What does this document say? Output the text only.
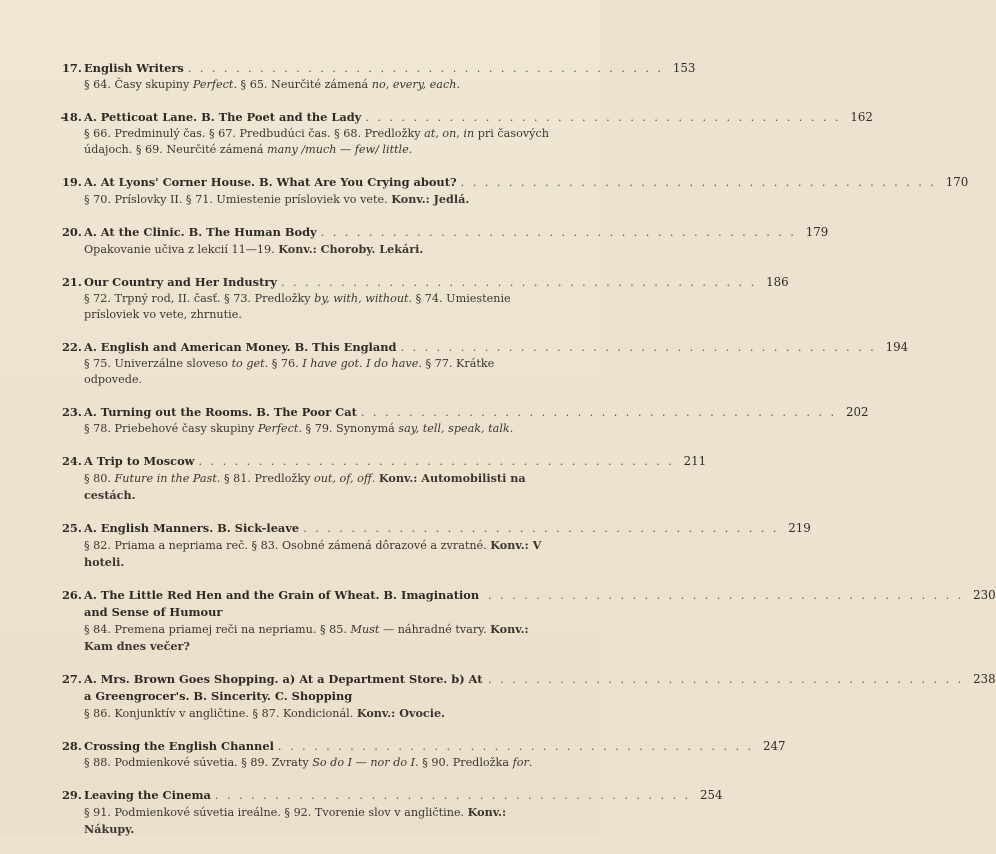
17. English Writers . . . . . . . . . . . . . . . . . . . . . . . . . . . . . . . . . . . . . . . . 153
§ 64. Časy skupiny Perfect. § 65. Neurčité zámená no, every, each.
18. A. Petticoat Lane. B. The Poet and the Lady . . . . . . . . . . . . . . . . . . . . . . . . . . . . . . . . . . . . . . . . 162
§ 66. Predminulý čas. § 67. Predbudúci čas. § 68. Predložky at, on, in pri časových údajoch. § 69. Neurčité zámená many /much — few/ little.
19. A. At Lyons' Corner House. B. What Are You Crying about? . . . . . . . . . . . . . . . . . . . . . . . . . . . . . . . . . . . . . . . . 170
§ 70. Príslovky II. § 71. Umiestenie prísloviek vo vete. Konv.: Jedlá.
20. A. At the Clinic. B. The Human Body . . . . . . . . . . . . . . . . . . . . . . . . . . . . . . . . . . . . . . . . 179
Opakovanie učiva z lekcií 11—19. Konv.: Choroby. Lekári.
21. Our Country and Her Industry . . . . . . . . . . . . . . . . . . . . . . . . . . . . . . . . . . . . . . . . 186
§ 72. Trpný rod, II. časť. § 73. Predložky by, with, without. § 74. Umiestenie prísloviek vo vete, zhrnutie.
22. A. English and American Money. B. This England . . . . . . . . . . . . . . . . . . . . . . . . . . . . . . . . . . . . . . . . 194
§ 75. Univerzálne sloveso to get. § 76. I have got. I do have. § 77. Krátke odpovede.
23. A. Turning out the Rooms. B. The Poor Cat . . . . . . . . . . . . . . . . . . . . . . . . . . . . . . . . . . . . . . . . 202
§ 78. Priebehové časy skupiny Perfect. § 79. Synonymá say, tell, speak, talk.
24. A Trip to Moscow . . . . . . . . . . . . . . . . . . . . . . . . . . . . . . . . . . . . . . . . 211
§ 80. Future in the Past. § 81. Predložky out, of, off. Konv.: Automobilisti na cestách.
25. A. English Manners. B. Sick-leave . . . . . . . . . . . . . . . . . . . . . . . . . . . . . . . . . . . . . . . . 219
§ 82. Priama a nepriama reč. § 83. Osobné zámená dôrazové a zvratné. Konv.: V hoteli.
26. A. The Little Red Hen and the Grain of Wheat. B. Imagination and Sense of Humour
. . . . . . . . . . . . . . . . . . . . . . . . . . . . . . . . . . . . . . . . 230
§ 84. Premena priamej reči na nepriamu. § 85. Must — náhradné tvary. Konv.: Kam dnes večer?
27. A. Mrs. Brown Goes Shopping. a) At a Department Store. b) At a Greengrocer's. B. Sincerity. C. Shopping
. . . . . . . . . . . . . . . . . . . . . . . . . . . . . . . . . . . . . . . . 238
§ 86. Konjunktív v angličtine. § 87. Kondicionál. Konv.: Ovocie.
28. Crossing the English Channel . . . . . . . . . . . . . . . . . . . . . . . . . . . . . . . . . . . . . . . . 247
§ 88. Podmienkové súvetia. § 89. Zvraty So do I — nor do I. § 90. Predložka for.
29. Leaving the Cinema . . . . . . . . . . . . . . . . . . . . . . . . . . . . . . . . . . . . . . . . 254
§ 91. Podmienkové súvetia ireálne. § 92. Tvorenie slov v angličtine. Konv.: Nákupy.
